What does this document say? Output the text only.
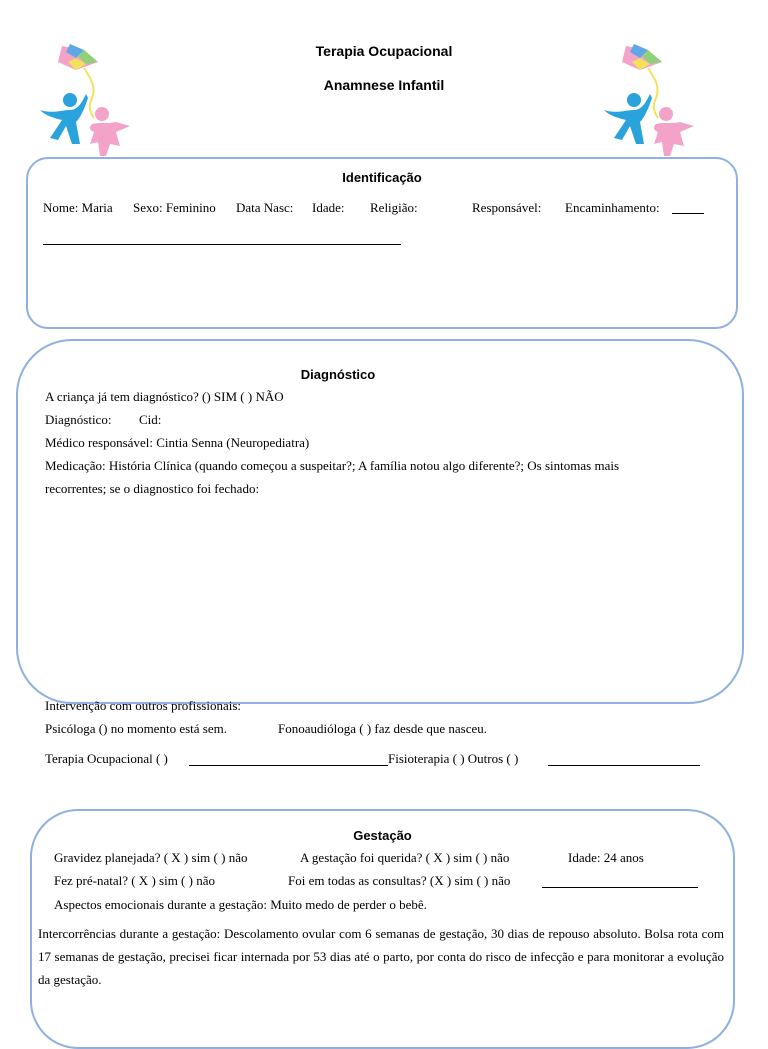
Terapia Ocupacional
Anamnese Infantil
Identificação
Nome: Maria Sexo: Feminino Data Nasc: Idade: Religião:	Responsável: Encaminhamento:
Diagnóstico
A criança já tem diagnóstico? () SIM ( ) NÃO
Diagnóstico: Cid:
Médico responsável: Cintia Senna (Neuropediatra)
Medicação: História Clínica (quando começou a suspeitar?; A família notou algo diferente?; Os sintomas mais
recorrentes; se o diagnostico foi fechado:
Intervenção com outros profissionais:
Psicóloga () no momento está sem.	Fonoaudióloga ( ) faz desde que nasceu.
Terapia Ocupacional ( )	Fisioterapia ( ) Outros ( )
Gestação
Gravidez planejada? ( X ) sim ( ) não	A gestação foi querida? ( X ) sim ( ) não	Idade: 24 anos
Fez pré-natal? ( X ) sim ( ) não	Foi em todas as consultas? (X ) sim ( ) não
Aspectos emocionais durante a gestação: Muito medo de perder o bebê.
Intercorrências durante a gestação: Descolamento ovular com 6 semanas de gestação, 30 dias de repouso absoluto. Bolsa rota com 17 semanas de gestação, precisei ficar internada por 53 dias até o parto, por conta do risco de infecção e para monitorar a evolução da gestação.
